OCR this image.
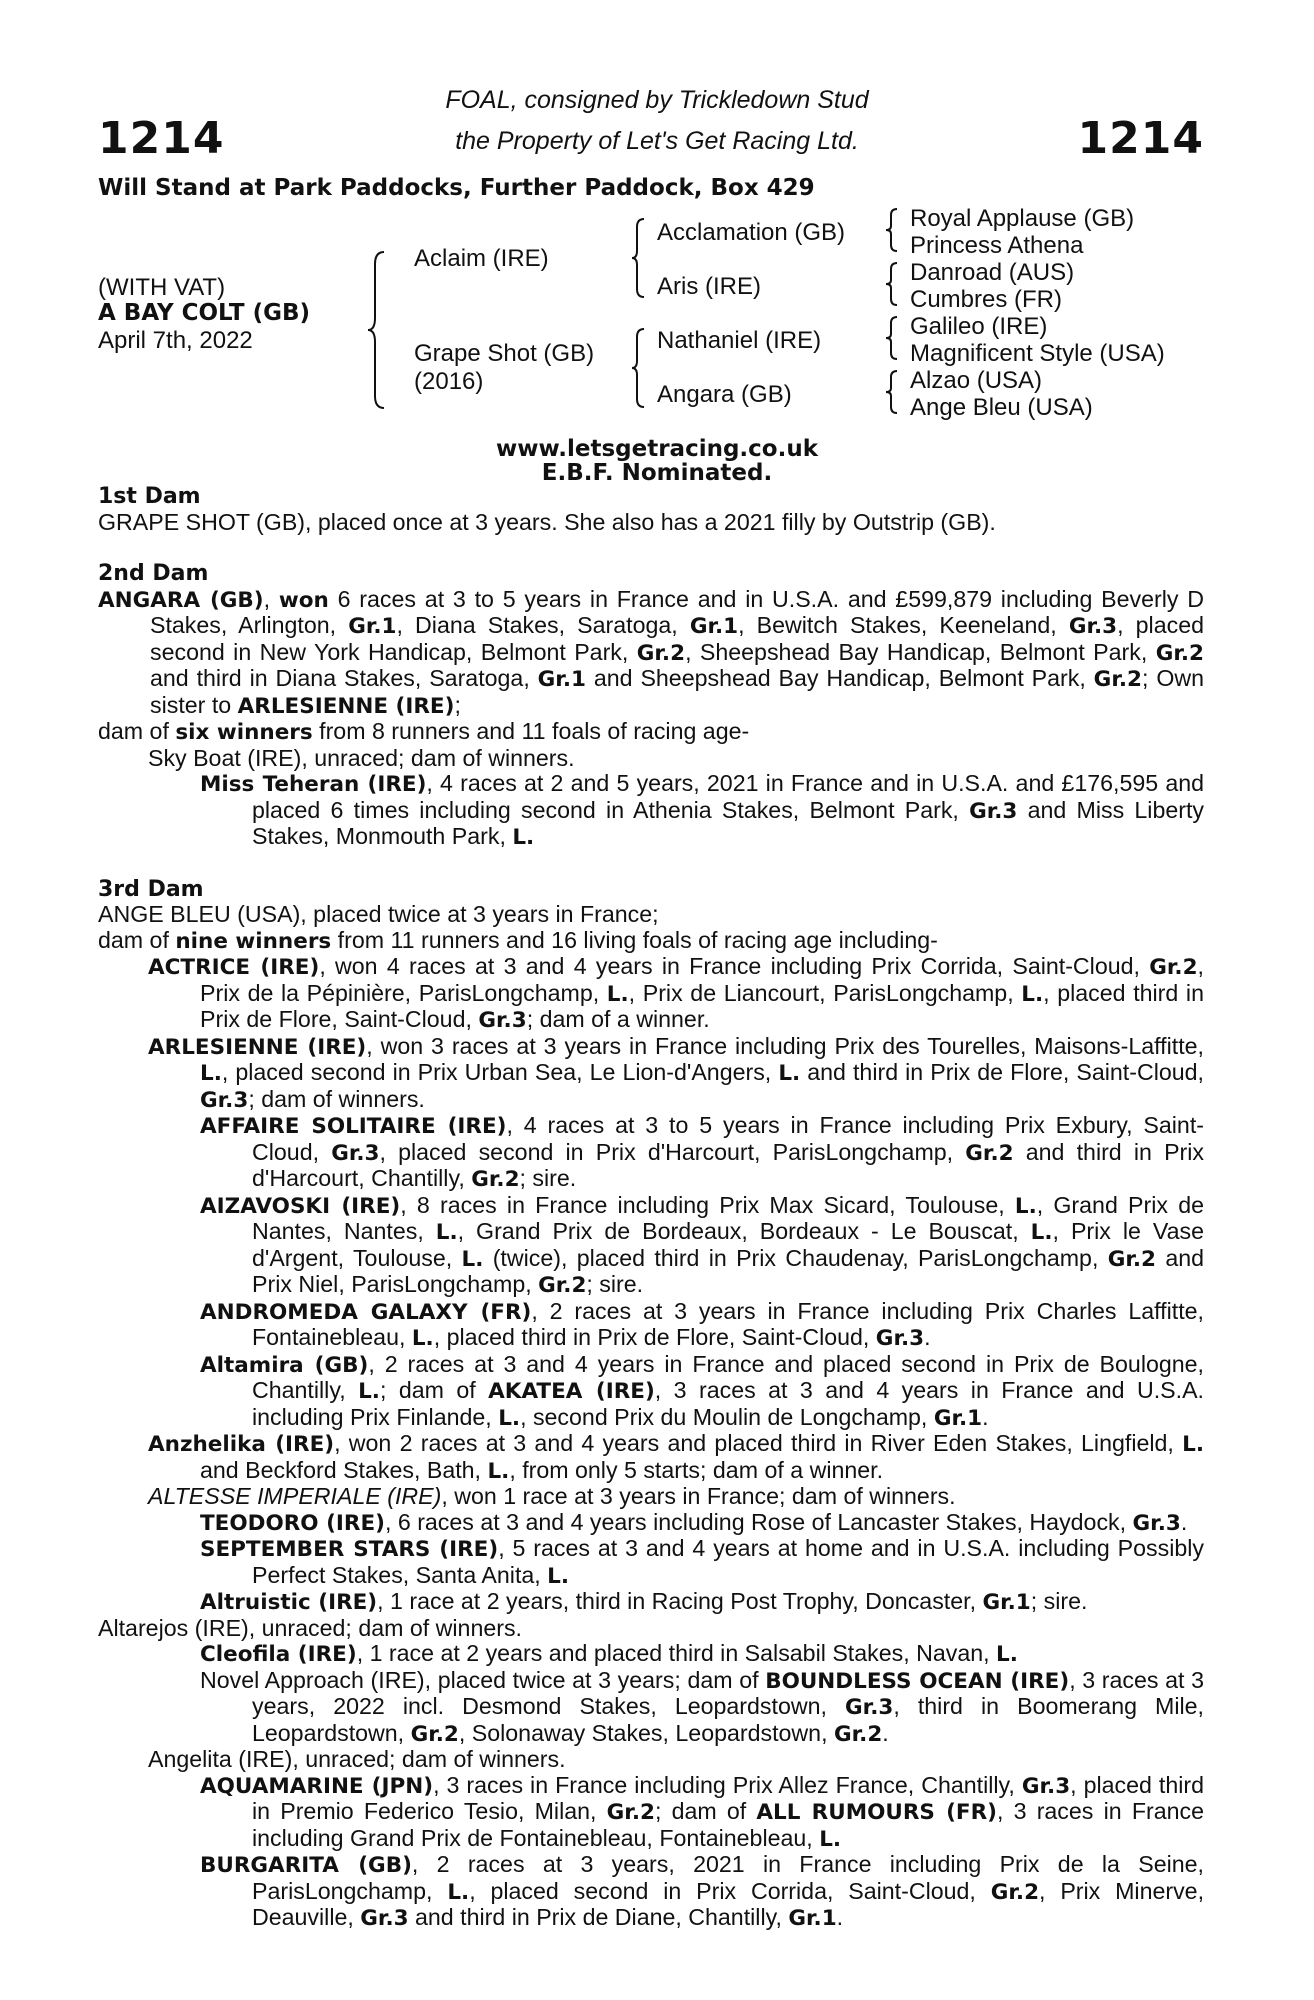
1214	1214
FOAL, consigned by Trickledown Stud
the Property of Let's Get Racing Ltd.
Will Stand at Park Paddocks, Further Paddock, Box 429
(WITH VAT)
A BAY COLT (GB)
April 7th, 2022
Aclaim (IRE)
Grape Shot (GB)
(2016)
Acclamation (GB)
Aris (IRE)
Nathaniel (IRE)
Angara (GB)
Royal Applause (GB)
Princess Athena
Danroad (AUS)
Cumbres (FR)
Galileo (IRE)
Magnificent Style (USA)
Alzao (USA)
Ange Bleu (USA)
www.letsgetracing.co.uk
E.B.F. Nominated.

1st Dam

GRAPE SHOT (GB), placed once at 3 years. She also has a 2021 filly by Outstrip (GB).

2nd Dam

ANGARA (GB), won 6 races at 3 to 5 years in France and in U.S.A. and £599,879 including Beverly D Stakes, Arlington, Gr.1, Diana Stakes, Saratoga, Gr.1, Bewitch Stakes, Keeneland, Gr.3, placed second in New York Handicap, Belmont Park, Gr.2, Sheepshead Bay Handicap, Belmont Park, Gr.2 and third in Diana Stakes, Saratoga, Gr.1 and Sheepshead Bay Handicap, Belmont Park, Gr.2; Own sister to ARLESIENNE (IRE);

dam of six winners from 8 runners and 11 foals of racing age-

Sky Boat (IRE), unraced; dam of winners.

Miss Teheran (IRE), 4 races at 2 and 5 years, 2021 in France and in U.S.A. and £176,595 and placed 6 times including second in Athenia Stakes, Belmont Park, Gr.3 and Miss Liberty Stakes, Monmouth Park, L.

3rd Dam

ANGE BLEU (USA), placed twice at 3 years in France;

dam of nine winners from 11 runners and 16 living foals of racing age including-

ACTRICE (IRE), won 4 races at 3 and 4 years in France including Prix Corrida, Saint-Cloud, Gr.2, Prix de la Pépinière, ParisLongchamp, L., Prix de Liancourt, ParisLongchamp, L., placed third in Prix de Flore, Saint-Cloud, Gr.3; dam of a winner.

ARLESIENNE (IRE), won 3 races at 3 years in France including Prix des Tourelles, Maisons-Laffitte, L., placed second in Prix Urban Sea, Le Lion-d'Angers, L. and third in Prix de Flore, Saint-Cloud, Gr.3; dam of winners.

AFFAIRE SOLITAIRE (IRE), 4 races at 3 to 5 years in France including Prix Exbury, Saint-Cloud, Gr.3, placed second in Prix d'Harcourt, ParisLongchamp, Gr.2 and third in Prix d'Harcourt, Chantilly, Gr.2; sire.

AIZAVOSKI (IRE), 8 races in France including Prix Max Sicard, Toulouse, L., Grand Prix de Nantes, Nantes, L., Grand Prix de Bordeaux, Bordeaux - Le Bouscat, L., Prix le Vase d'Argent, Toulouse, L. (twice), placed third in Prix Chaudenay, ParisLongchamp, Gr.2 and Prix Niel, ParisLongchamp, Gr.2; sire.

ANDROMEDA GALAXY (FR), 2 races at 3 years in France including Prix Charles Laffitte, Fontainebleau, L., placed third in Prix de Flore, Saint-Cloud, Gr.3.

Altamira (GB), 2 races at 3 and 4 years in France and placed second in Prix de Boulogne, Chantilly, L.; dam of AKATEA (IRE), 3 races at 3 and 4 years in France and U.S.A. including Prix Finlande, L., second Prix du Moulin de Longchamp, Gr.1.

Anzhelika (IRE), won 2 races at 3 and 4 years and placed third in River Eden Stakes, Lingfield, L. and Beckford Stakes, Bath, L., from only 5 starts; dam of a winner.

ALTESSE IMPERIALE (IRE), won 1 race at 3 years in France; dam of winners.

TEODORO (IRE), 6 races at 3 and 4 years including Rose of Lancaster Stakes, Haydock, Gr.3.

SEPTEMBER STARS (IRE), 5 races at 3 and 4 years at home and in U.S.A. including Possibly Perfect Stakes, Santa Anita, L.

Altruistic (IRE), 1 race at 2 years, third in Racing Post Trophy, Doncaster, Gr.1; sire.

Altarejos (IRE), unraced; dam of winners.

Cleofila (IRE), 1 race at 2 years and placed third in Salsabil Stakes, Navan, L.

Novel Approach (IRE), placed twice at 3 years; dam of BOUNDLESS OCEAN (IRE), 3 races at 3 years, 2022 incl. Desmond Stakes, Leopardstown, Gr.3, third in Boomerang Mile, Leopardstown, Gr.2, Solonaway Stakes, Leopardstown, Gr.2.

Angelita (IRE), unraced; dam of winners.

AQUAMARINE (JPN), 3 races in France including Prix Allez France, Chantilly, Gr.3, placed third in Premio Federico Tesio, Milan, Gr.2; dam of ALL RUMOURS (FR), 3 races in France including Grand Prix de Fontainebleau, Fontainebleau, L.

BURGARITA (GB), 2 races at 3 years, 2021 in France including Prix de la Seine, ParisLongchamp, L., placed second in Prix Corrida, Saint-Cloud, Gr.2, Prix Minerve, Deauville, Gr.3 and third in Prix de Diane, Chantilly, Gr.1.
